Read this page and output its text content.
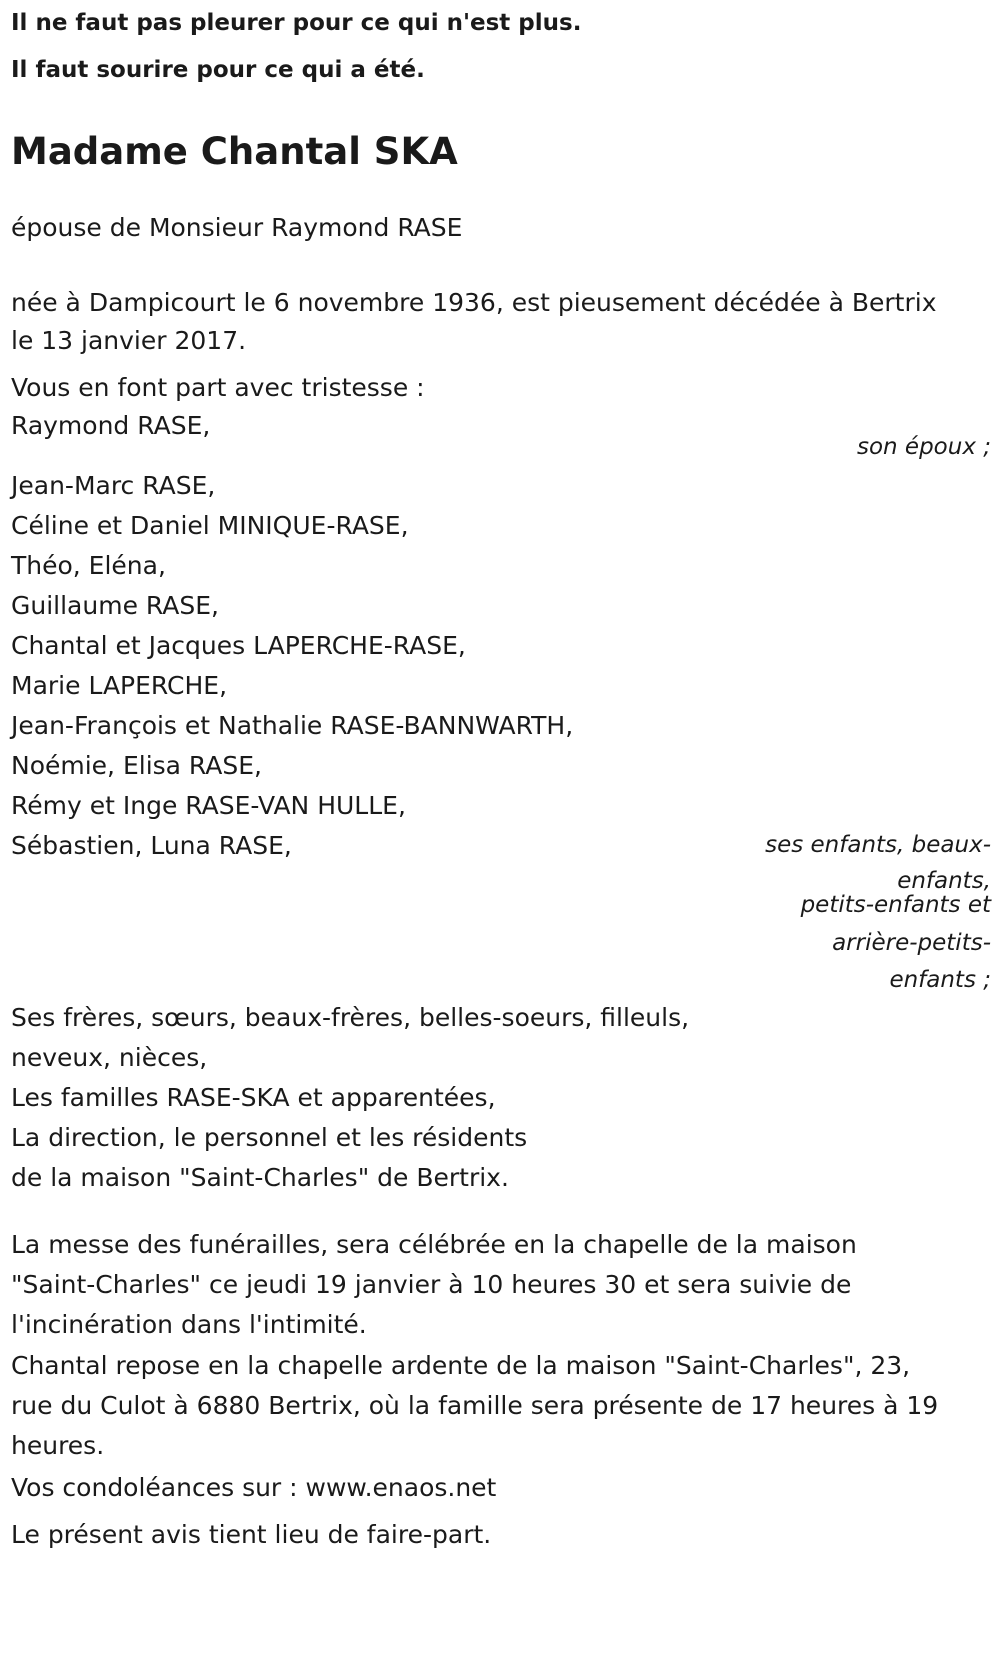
Il ne faut pas pleurer pour ce qui n'est plus.

Il faut sourire pour ce qui a été.

Madame Chantal SKA

épouse de Monsieur Raymond RASE

née à Dampicourt le 6 novembre 1936, est pieusement décédée à Bertrix

le 13 janvier 2017.

Vous en font part avec tristesse :

Raymond RASE,

son époux ;

Jean-Marc RASE,
Céline et Daniel MINIQUE-RASE,
Théo, Eléna,
Guillaume RASE,
Chantal et Jacques LAPERCHE-RASE,
Marie LAPERCHE,
Jean-François et Nathalie RASE-BANNWARTH,
Noémie, Elisa RASE,
Rémy et Inge RASE-VAN HULLE,
Sébastien, Luna RASE,	ses enfants, beaux-

enfants,

petits-enfants et

arrière-petits-

enfants ;

Ses frères, sœurs, beaux-frères, belles-soeurs, filleuls,
neveux, nièces,
Les familles RASE-SKA et apparentées,
La direction, le personnel et les résidents
de la maison "Saint-Charles" de Bertrix.
La messe des funérailles, sera célébrée en la chapelle de la maison
"Saint-Charles" ce jeudi 19 janvier à 10 heures 30 et sera suivie de
l'incinération dans l'intimité.
Chantal repose en la chapelle ardente de la maison "Saint-Charles", 23,
rue du Culot à 6880 Bertrix, où la famille sera présente de 17 heures à 19
heures.

Vos condoléances sur : www.enaos.net

Le présent avis tient lieu de faire-part.
